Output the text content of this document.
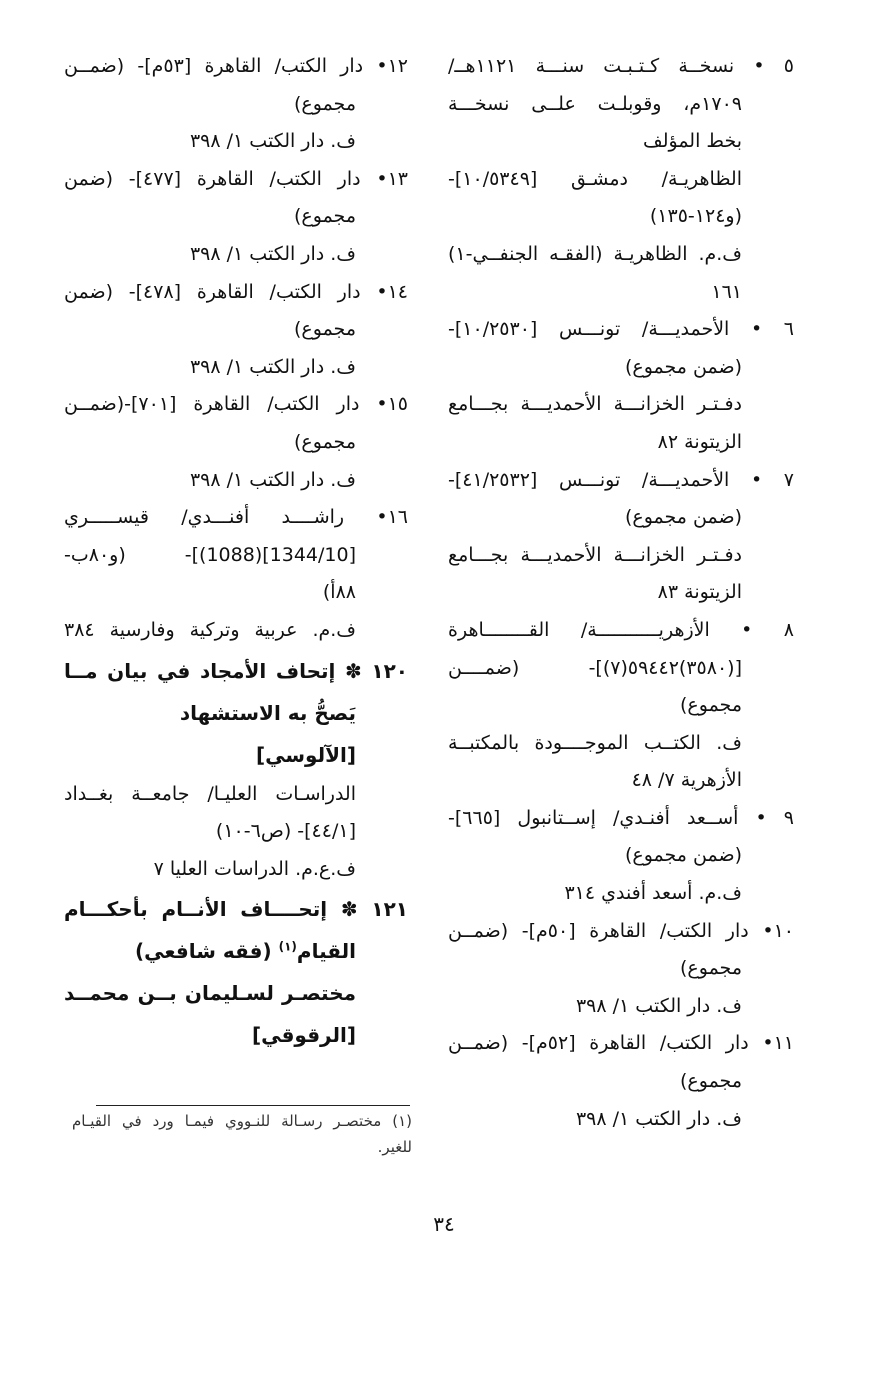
٥ • نسخــة كـتـبـت سنـــة ١١٢١هــ/
١٧٠٩م، وقوبلـت علــى نسخـــة
بخط المؤلف
الظاهريـة/ دمشـق [١٠/٥٣٤٩]-
(و١٢٤-١٣٥)
ف.م. الظاهريـة (الفقـه الجنفــي-١)
١٦١
٦ • الأحمديـــة/ تونـــس [١٠/٢٥٣٠]-
(ضمن مجموع)
دفـتـر الخزانـــة الأحمديـــة بجـــامع
الزيتونة ٨٢
٧ • الأحمديـــة/ تونـــس [٤١/٢٥٣٢]-
(ضمن مجموع)
دفـتـر الخزانـــة الأحمديـــة بجـــامع
الزيتونة ٨٣
٨ • الأزهريـــــــــــة/ القــــــــاهرة
[(٣٥٨٠)٥٩٤٤٢(٧)]- (ضمــــن
مجموع)
ف. الكتــب الموجــــودة بالمكتبــة
الأزهرية ٧/ ٤٨
٩ • أســعد أفنـدي/ إســتانبول [٦٦٥]-
(ضمن مجموع)
ف.م. أسعد أفندي ٣١٤
١٠• دار الكتب/ القاهرة [٥٠م]- (ضمــن
مجموع)
ف. دار الكتب ١/ ٣٩٨
١١• دار الكتب/ القاهرة [٥٢م]- (ضمــن
مجموع)
ف. دار الكتب ١/ ٣٩٨
١٢• دار الكتب/ القاهرة [٥٣م]- (ضمــن
مجموع)
ف. دار الكتب ١/ ٣٩٨
١٣• دار الكتب/ القاهرة [٤٧٧]- (ضمن
مجموع)
ف. دار الكتب ١/ ٣٩٨
١٤• دار الكتب/ القاهرة [٤٧٨]- (ضمن
مجموع)
ف. دار الكتب ١/ ٣٩٨
١٥• دار الكتب/ القاهرة [٧٠١]-(ضمــن
مجموع)
ف. دار الكتب ١/ ٣٩٨
١٦• راشــــد أفنـــدي/ قيســـــري
[1344/10](1088)]- (و٨٠ب-
٨٨أ)
ف.م. عربية وتركية وفارسية ٣٨٤
١٢٠ ✽ إتحاف الأمجاد في بيان مــا
يَصحُّ به الاستشهاد
[الآلوسي]
الدراسـات العليـا/ جامعــة بغــداد
[٤٤/١]- (ص٦-١٠)
ف.ع.م. الدراسات العليا ٧
١٢١ ✽ إتحــــاف الأنــام بأحكـــام
القيام$^{(١)}$ (فقه شافعي)
مختصـر لسـليمان بــن محمــد
[الرقوقي]
(١) مختصـر رسـالة للنـووي فيمـا ورد في القيـام
للغير.
٣٤
